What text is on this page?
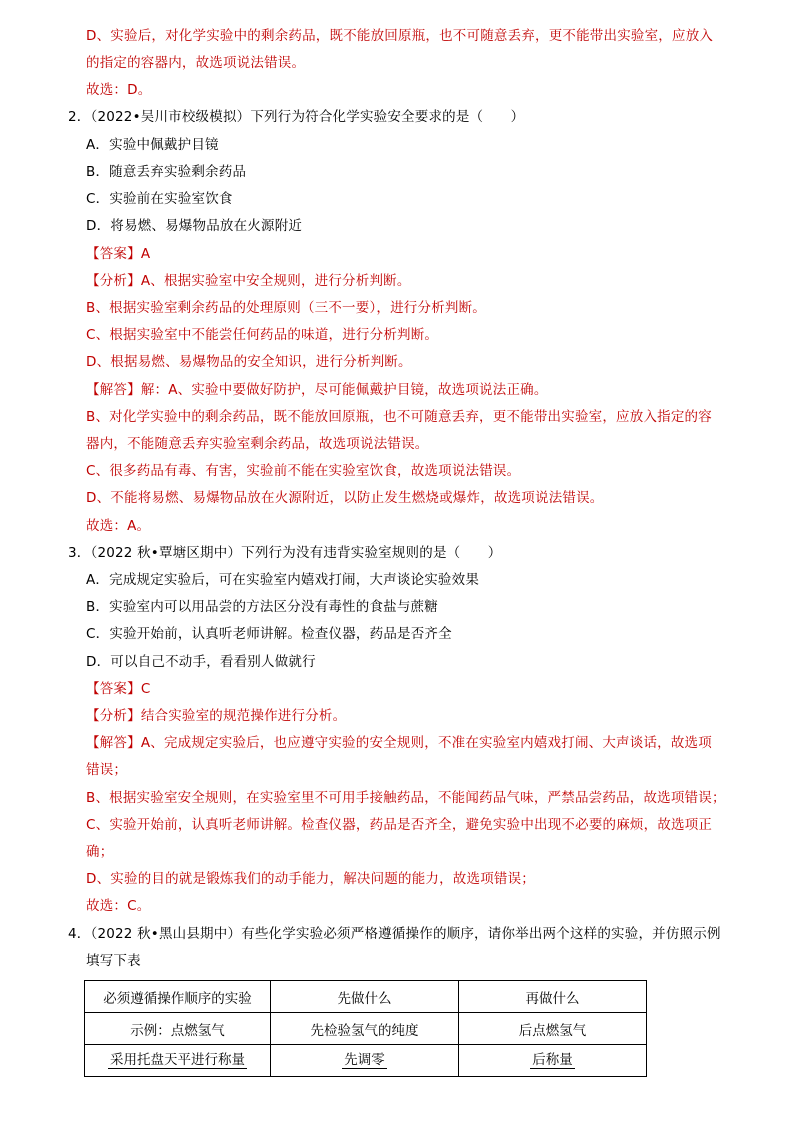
D、实验后，对化学实验中的剩余药品，既不能放回原瓶，也不可随意丢弃，更不能带出实验室，应放入
的指定的容器内，故选项说法错误。
故选：D。
2．（2022•吴川市校级模拟）下列行为符合化学实验安全要求的是（　　）
A．实验中佩戴护目镜
B．随意丢弃实验剩余药品
C．实验前在实验室饮食
D．将易燃、易爆物品放在火源附近
【答案】A
【分析】A、根据实验室中安全规则，进行分析判断。
B、根据实验室剩余药品的处理原则（三不一要），进行分析判断。
C、根据实验室中不能尝任何药品的味道，进行分析判断。
D、根据易燃、易爆物品的安全知识，进行分析判断。
【解答】解：A、实验中要做好防护，尽可能佩戴护目镜，故选项说法正确。
B、对化学实验中的剩余药品，既不能放回原瓶，也不可随意丢弃，更不能带出实验室，应放入指定的容
器内，不能随意丢弃实验室剩余药品，故选项说法错误。
C、很多药品有毒、有害，实验前不能在实验室饮食，故选项说法错误。
D、不能将易燃、易爆物品放在火源附近，以防止发生燃烧或爆炸，故选项说法错误。
故选：A。
3．（2022 秋•覃塘区期中）下列行为没有违背实验室规则的是（　　）
A．完成规定实验后，可在实验室内嬉戏打闹，大声谈论实验效果
B．实验室内可以用品尝的方法区分没有毒性的食盐与蔗糖
C．实验开始前，认真听老师讲解。检查仪器，药品是否齐全
D．可以自己不动手，看看别人做就行
【答案】C
【分析】结合实验室的规范操作进行分析。
【解答】A、完成规定实验后，也应遵守实验的安全规则，不准在实验室内嬉戏打闹、大声谈话，故选项
错误；
B、根据实验室安全规则，在实验室里不可用手接触药品，不能闻药品气味，严禁品尝药品，故选项错误；
C、实验开始前，认真听老师讲解。检查仪器，药品是否齐全，避免实验中出现不必要的麻烦，故选项正
确；
D、实验的目的就是锻炼我们的动手能力，解决问题的能力，故选项错误；
故选：C。
4．（2022 秋•黑山县期中）有些化学实验必须严格遵循操作的顺序，请你举出两个这样的实验，并仿照示例
填写下表
必须遵循操作顺序的实验	先做什么	再做什么
示例：点燃氢气	先检验氢气的纯度	后点燃氢气
采用托盘天平进行称量	先调零	后称量
